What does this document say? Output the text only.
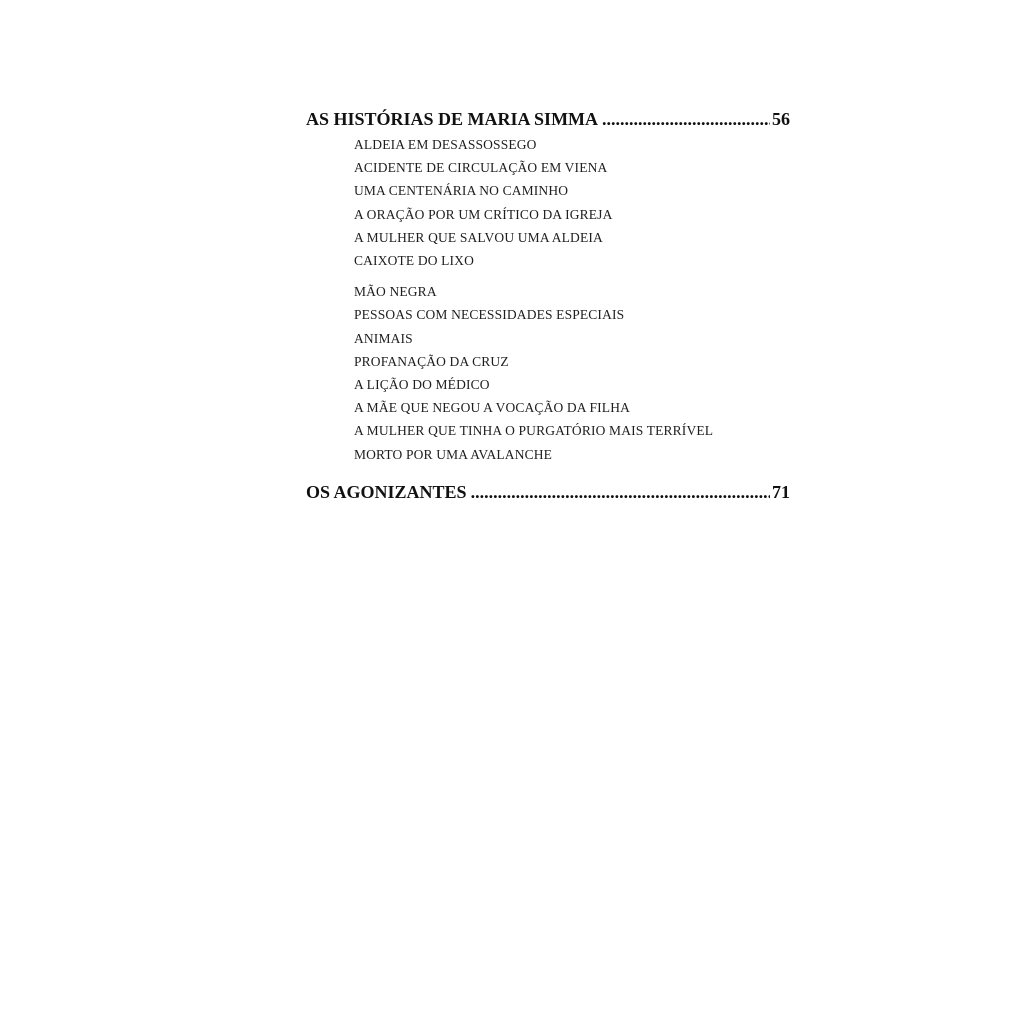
AS HISTÓRIAS DE MARIA SIMMA .....	56
ALDEIA EM DESASSOSSEGO
ACIDENTE DE CIRCULAÇÃO EM VIENA
UMA CENTENÁRIA NO CAMINHO
A ORAÇÃO POR UM CRÍTICO DA IGREJA
A MULHER QUE SALVOU UMA ALDEIA
CAIXOTE DO LIXO
MÃO NEGRA
PESSOAS COM NECESSIDADES ESPECIAIS
ANIMAIS
PROFANAÇÃO DA CRUZ
A LIÇÃO DO MÉDICO
A MÃE QUE NEGOU A VOCAÇÃO DA FILHA
A MULHER QUE TINHA O PURGATÓRIO MAIS TERRÍVEL
MORTO POR UMA AVALANCHE
OS AGONIZANTES .....	71
